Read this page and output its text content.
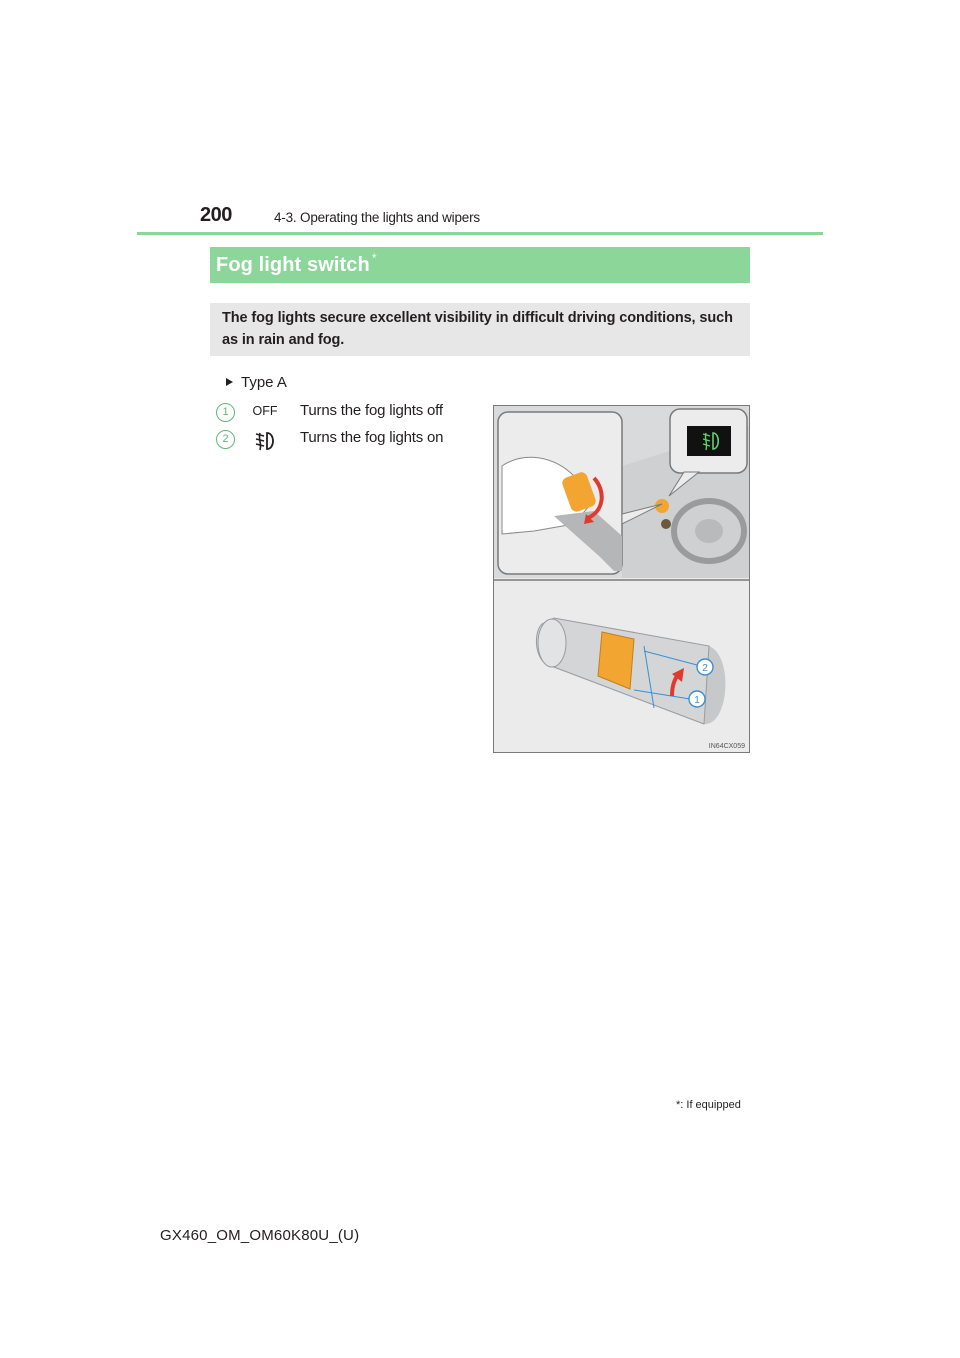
200	4-3. Operating the lights and wipers
Fog light switch *
The fog lights secure excellent visibility in difficult driving conditions, such as in rain and fog.
Type A
1	OFF Turns the fog lights off
2	Turns the fog lights on
2
1
IN64CX059
*: If equipped
GX460_OM_OM60K80U_(U)
